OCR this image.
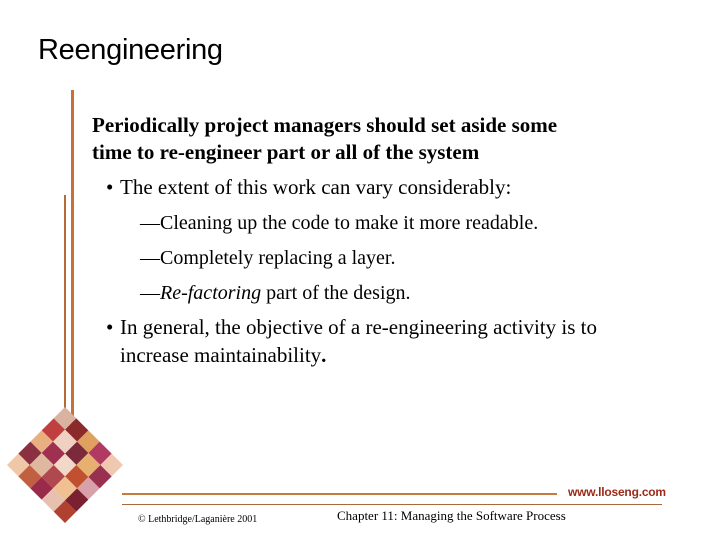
Reengineering

Periodically project managers should set aside some
time to re-engineer part or all of the system

• The extent of this work can vary considerably:
— Cleaning up the code to make it more readable.
— Completely replacing a layer.
— Re-factoring part of the design.
• In general, the objective of a re-engineering activity is to
increase maintainability.
www.lloseng.com
© Lethbridge/Laganière 2001	Chapter 11: Managing the Software Process
